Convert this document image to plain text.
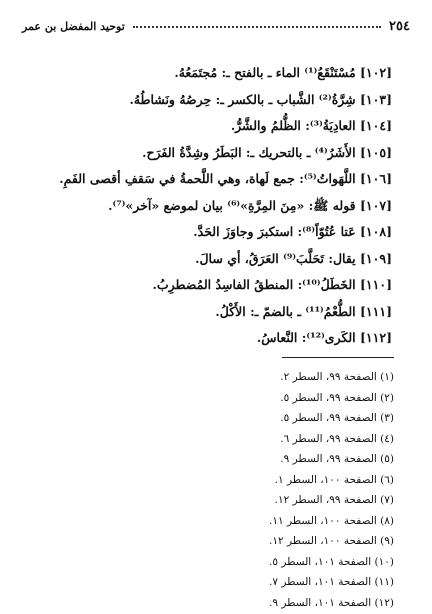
٢٥٤
توحيد المفضل بن عمر
[١٠٢] مُسْتَنْقَعُ⁽¹⁾ الماء ـ بالفتح ـ: مُجتَمَعُهُ.
[١٠٣] شِرَّةُ⁽²⁾ الشَّباب ـ بالكسر ـ: حِرصُهُ ونَشاطُهُ.
[١٠٤] العادِيَةُ⁽³⁾: الظُّلمُ والشَّرُّ.
[١٠٥] الأَشَرُ⁽⁴⁾ ـ بالتحريك ـ: البَطَرُ وشِدَّةُ الفَرَح.
[١٠٦] اللَّهَواتُ⁽⁵⁾: جمع لَهاة، وهي اللَّحمةُ في سَقفِ أقصى الفَمِ.
[١٠٧] قوله ﷺ: «مِنَ المِرَّةِ»⁽⁶⁾ بيان لموضع «آخر»⁽⁷⁾.
[١٠٨] عَتا عُتُوّاً⁽⁸⁾: استكبرَ وجاوَزَ الحَدَّ.
[١٠٩] يقال: تَحَلَّبَ⁽⁹⁾ العَرَقُ، أي سالَ.
[١١٠] الخَطَلُ⁽¹⁰⁾: المنطقُ الفاسِدُ المُضطرِبُ.
[١١١] الطُّعْمُ⁽¹¹⁾ ـ بالضمّ ـ: الأَكْلُ.
[١١٢] الكَرى⁽¹²⁾: النَّعاسُ.
(١) الصفحة ٩٩، السطر ٢.
(٢) الصفحة ٩٩، السطر ٥.
(٣) الصفحة ٩٩، السطر ٥.
(٤) الصفحة ٩٩، السطر ٦.
(٥) الصفحة ٩٩، السطر ٩.
(٦) الصفحة ١٠٠، السطر ١.
(٧) الصفحة ٩٩، السطر ١٢.
(٨) الصفحة ١٠٠، السطر ١١.
(٩) الصفحة ١٠٠، السطر ١٢.
(١٠) الصفحة ١٠١، السطر ٥.
(١١) الصفحة ١٠١، السطر ٧.
(١٢) الصفحة ١٠١، السطر ٩.
